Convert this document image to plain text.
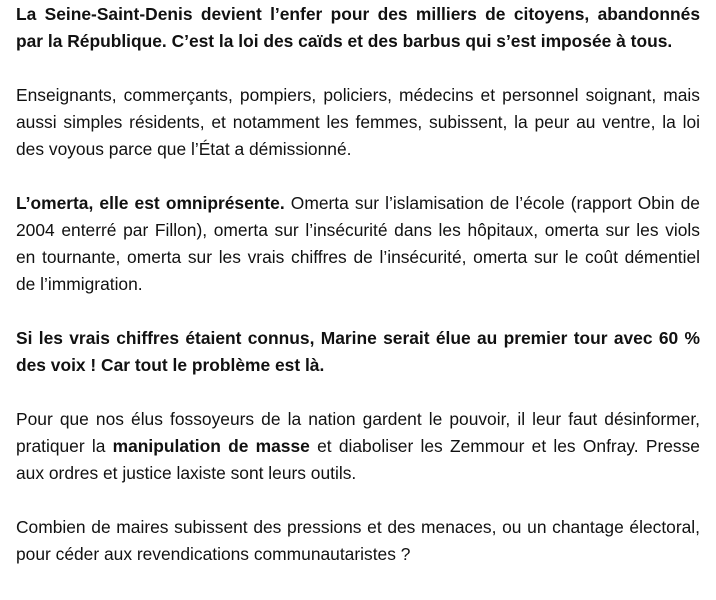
La Seine-Saint-Denis devient l’enfer pour des milliers de citoyens, abandonnés par la République. C’est la loi des caïds et des barbus qui s’est imposée à tous.

Enseignants, commerçants, pompiers, policiers, médecins et personnel soignant, mais aussi simples résidents, et notamment les femmes, subissent, la peur au ventre, la loi des voyous parce que l’État a démissionné.

L’omerta, elle est omniprésente. Omerta sur l’islamisation de l’école (rapport Obin de 2004 enterré par Fillon), omerta sur l’insécurité dans les hôpitaux, omerta sur les viols en tournante, omerta sur les vrais chiffres de l’insécurité, omerta sur le coût démentiel de l’immigration.

Si les vrais chiffres étaient connus, Marine serait élue au premier tour avec 60 % des voix ! Car tout le problème est là.

Pour que nos élus fossoyeurs de la nation gardent le pouvoir, il leur faut désinformer, pratiquer la manipulation de masse et diaboliser les Zemmour et les Onfray. Presse aux ordres et justice laxiste sont leurs outils.

Combien de maires subissent des pressions et des menaces, ou un chantage électoral, pour céder aux revendications communautaristes ?
